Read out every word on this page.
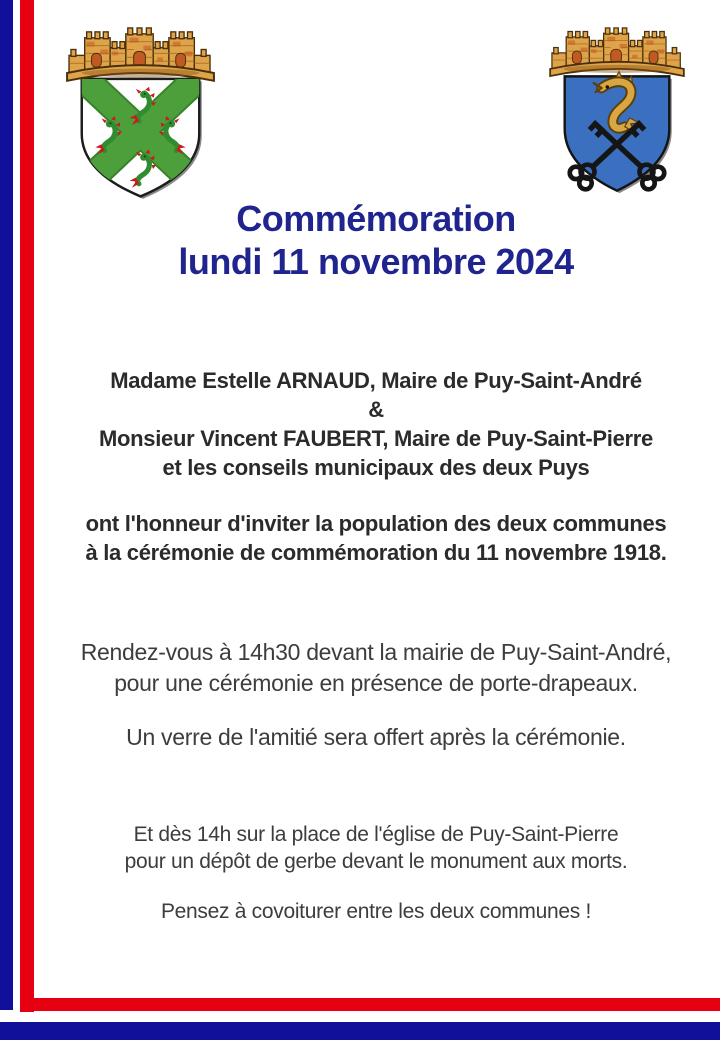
Commémoration
lundi 11 novembre 2024
Madame Estelle ARNAUD, Maire de Puy-Saint-André
&
Monsieur Vincent FAUBERT, Maire de Puy-Saint-Pierre
et les conseils municipaux des deux Puys
ont l'honneur d'inviter la population des deux communes
à la cérémonie de commémoration du 11 novembre 1918.
Rendez-vous à 14h30 devant la mairie de Puy-Saint-André,
pour une cérémonie en présence de porte-drapeaux.
Un verre de l'amitié sera offert après la cérémonie.
Et dès 14h sur la place de l'église de Puy-Saint-Pierre
pour un dépôt de gerbe devant le monument aux morts.
Pensez à covoiturer entre les deux communes !
